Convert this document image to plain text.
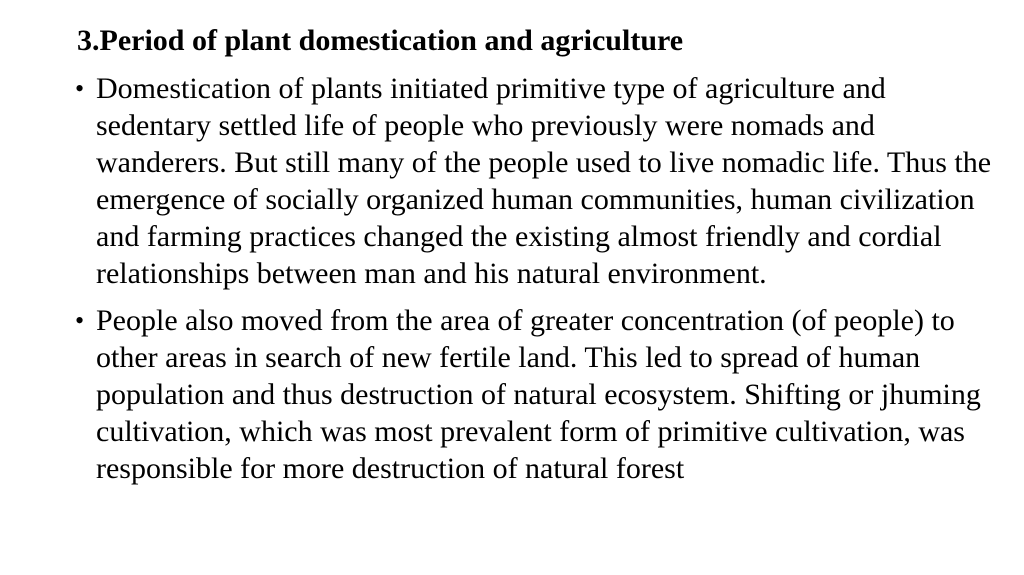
3.Period of plant domestication and agriculture
• Domestication of plants initiated primitive type of agriculture and sedentary settled life of people who previously were nomads and wanderers. But still many of the people used to live nomadic life. Thus the emergence of socially organized human communities, human civilization and farming practices changed the existing almost friendly and cordial relationships between man and his natural environment.
• People also moved from the area of greater concentration (of people) to other areas in search of new fertile land. This led to spread of human population and thus destruction of natural ecosystem. Shifting or jhuming cultivation, which was most prevalent form of primitive cultivation, was responsible for more destruction of natural forest
